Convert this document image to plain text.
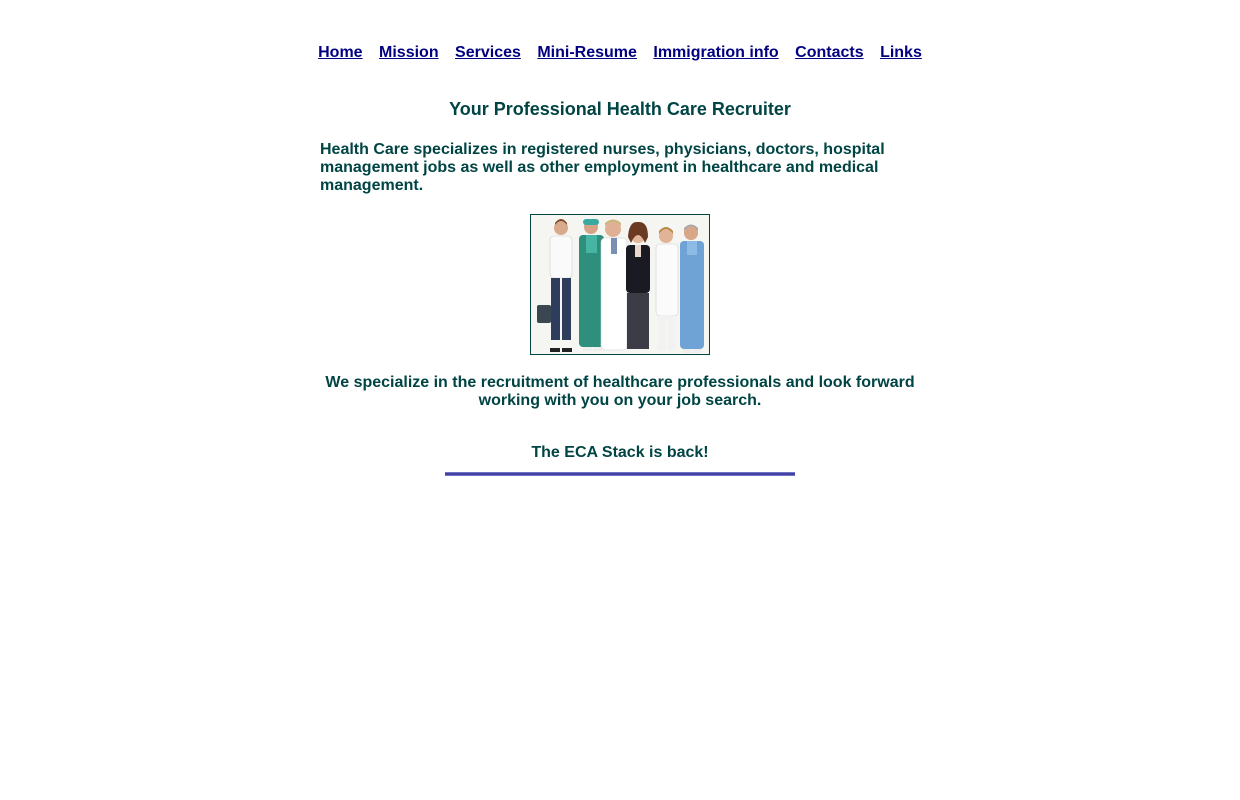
Home Mission Services Mini-Resume Immigration info Contacts Links
Your Professional Health Care Recruiter
Health Care specializes in registered nurses, physicians, doctors, hospital management jobs as well as other employment in healthcare and medical management.
We specialize in the recruitment of healthcare professionals and look forward working with you on your job search.
The ECA Stack is back!
